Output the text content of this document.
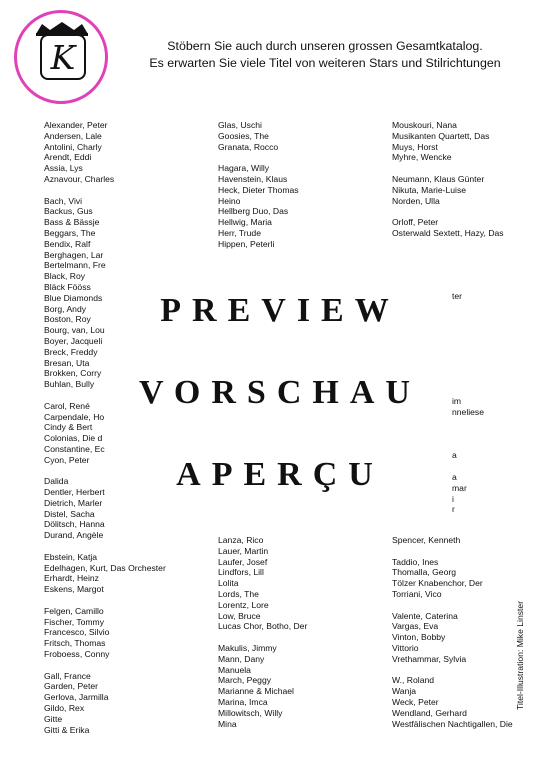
K	Stöbern Sie auch durch unseren grossen Gesamtkatalog.
Es erwarten Sie viele Titel von weiteren Stars und Stilrichtungen
Alexander, Peter
Andersen, Lale
Antolini, Charly
Arendt, Eddi
Assia, Lys
Aznavour, Charles
Bach, Vivi
Backus, Gus
Bass & Bässje
Beggars, The
Bendix, Ralf
Berghagen, Lar
Bertelmann, Fre
Black, Roy
Bläck Fööss
Blue Diamonds
Borg, Andy
Boston, Roy
Bourg, van, Lou
Boyer, Jacqueli
Breck, Freddy
Bresan, Uta
Brokken, Corry
Buhlan, Bully
Carol, René
Carpendale, Ho
Cindy & Bert
Colonias, Die d
Constantine, Ec
Cyon, Peter
Dalida
Dentler, Herbert
Dietrich, Marler
Distel, Sacha
Dölitsch, Hanna
Durand, Angèle
Ebstein, Katja
Edelhagen, Kurt, Das Orchester
Erhardt, Heinz
Eskens, Margot
Felgen, Camillo
Fischer, Tommy
Francesco, Silvio
Fritsch, Thomas
Froboess, Conny
Gall, France
Garden, Peter
Gerlova, Jarmilla
Gildo, Rex
Gitte
Gitti & Erika
Glas, Uschi
Goosies, The
Granata, Rocco
Hagara, Willy
Havenstein, Klaus
Heck, Dieter Thomas
Heino
Hellberg Duo, Das
Hellwig, Maria
Herr, Trude
Hippen, Peterli
Lanza, Rico
Lauer, Martin
Laufer, Josef
Lindfors, Lill
Lolita
Lords, The
Lorentz, Lore
Low, Bruce
Lucas Chor, Botho, Der
Makulis, Jimmy
Mann, Dany
Manuela
March, Peggy
Marianne & Michael
Marina, Imca
Millowitsch, Willy
Mina
Mouskouri, Nana
Musikanten Quartett, Das
Muys, Horst
Myhre, Wencke
Neumann, Klaus Günter
Nikuta, Marie-Luise
Norden, Ulla
Orloff, Peter
Osterwald Sextett, Hazy, Das
Spencer, Kenneth
Taddio, Ines
Thomalla, Georg
Tölzer Knabenchor, Der
Torriani, Vico
Valente, Caterina
Vargas, Eva
Vinton, Bobby
Vittorio
Vrethammar, Sylvia
W., Roland
Wanja
Weck, Peter
Wendland, Gerhard
Westfälischen Nachtigallen, Die
ter
im
nneliese
a
a
mar
i
r
PREVIEW
VORSCHAU
APERÇU
Titel-Illustration: Mike Linster
